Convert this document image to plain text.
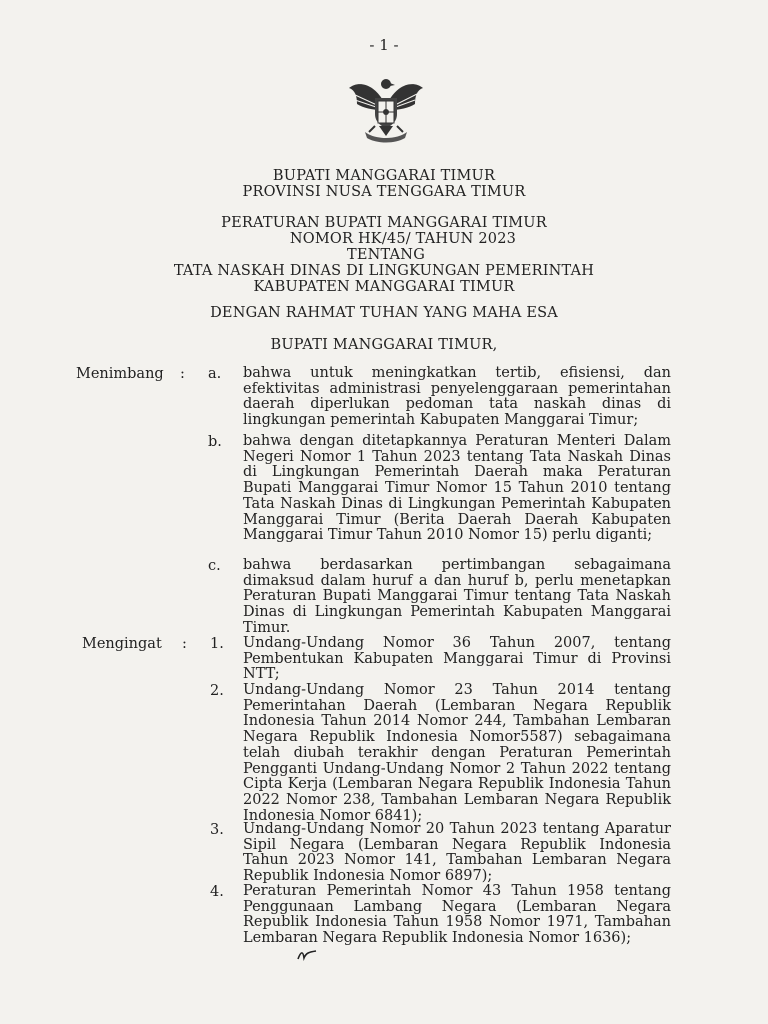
- 1 -
BUPATI MANGGARAI TIMUR
PROVINSI NUSA TENGGARA TIMUR
PERATURAN BUPATI MANGGARAI TIMUR
NOMOR HK/45/ TAHUN 2023
TENTANG
TATA NASKAH DINAS DI LINGKUNGAN PEMERINTAH
KABUPATEN MANGGARAI TIMUR
DENGAN RAHMAT TUHAN YANG MAHA ESA
BUPATI MANGGARAI TIMUR,
Menimbang : a. bahwa untuk meningkatkan tertib, efisiensi, dan efektivitas administrasi penyelenggaraan pemerintahan daerah diperlukan pedoman tata naskah dinas di lingkungan pemerintah Kabupaten Manggarai Timur;
b. bahwa dengan ditetapkannya Peraturan Menteri Dalam Negeri Nomor 1 Tahun 2023 tentang Tata Naskah Dinas di Lingkungan Pemerintah Daerah maka Peraturan Bupati Manggarai Timur Nomor 15 Tahun 2010 tentang Tata Naskah Dinas di Lingkungan Pemerintah Kabupaten Manggarai Timur (Berita Daerah Daerah Kabupaten Manggarai Timur Tahun 2010 Nomor 15) perlu diganti;
c. bahwa berdasarkan pertimbangan sebagaimana dimaksud dalam huruf a dan huruf b, perlu menetapkan Peraturan Bupati Manggarai Timur tentang Tata Naskah Dinas di Lingkungan Pemerintah Kabupaten Manggarai Timur.
Mengingat : 1. Undang-Undang Nomor 36 Tahun 2007, tentang Pembentukan Kabupaten Manggarai Timur di Provinsi NTT;
2. Undang-Undang Nomor 23 Tahun 2014 tentang Pemerintahan Daerah (Lembaran Negara Republik Indonesia Tahun 2014 Nomor 244, Tambahan Lembaran Negara Republik Indonesia Nomor5587) sebagaimana telah diubah terakhir dengan Peraturan Pemerintah Pengganti Undang-Undang Nomor 2 Tahun 2022 tentang Cipta Kerja (Lembaran Negara Republik Indonesia Tahun 2022 Nomor 238, Tambahan Lembaran Negara Republik Indonesia Nomor 6841);
3. Undang-Undang Nomor 20 Tahun 2023 tentang Aparatur Sipil Negara (Lembaran Negara Republik Indonesia Tahun 2023 Nomor 141, Tambahan Lembaran Negara Republik Indonesia Nomor 6897);
4. Peraturan Pemerintah Nomor 43 Tahun 1958 tentang Penggunaan Lambang Negara (Lembaran Negara Republik Indonesia Tahun 1958 Nomor 1971, Tambahan Lembaran Negara Republik Indonesia Nomor 1636);
